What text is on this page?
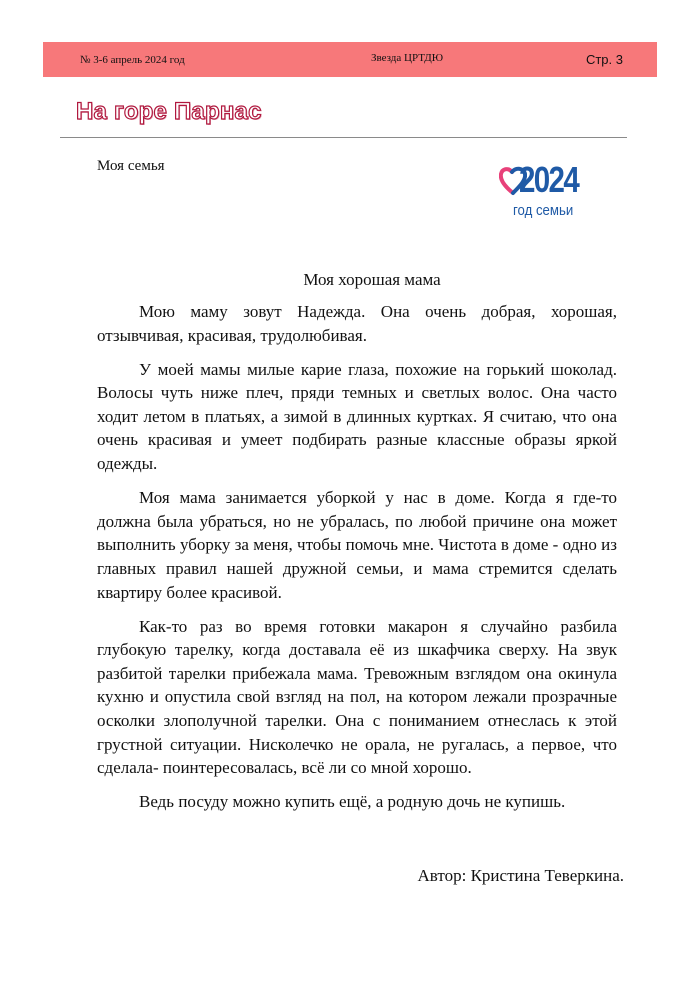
№ 3-6 апрель 2024 год	Звезда ЦРТДЮ	Стр. 3
На горе Парнас
Моя семья	2024
год семьи
Моя хорошая мама

Мою маму зовут Надежда. Она очень добрая, хорошая, отзывчивая, красивая, трудолюбивая.

У моей мамы милые карие глаза, похожие на горький шоколад. Волосы чуть ниже плеч, пряди темных и светлых волос. Она часто ходит летом в платьях, а зимой в длинных куртках. Я считаю, что она очень красивая и умеет подбирать разные классные образы яркой одежды.

Моя мама занимается уборкой у нас в доме. Когда я где-то должна была убраться, но не убралась, по любой причине она может выполнить уборку за меня, чтобы помочь мне. Чистота в доме - одно из главных правил нашей дружной семьи, и мама стремится сделать квартиру более красивой.

Как-то раз во время готовки макарон я случайно разбила глубокую тарелку, когда доставала её из шкафчика сверху. На звук разбитой тарелки прибежала мама. Тревожным взглядом она окинула кухню и опустила свой взгляд на пол, на котором лежали прозрачные осколки злополучной тарелки. Она с пониманием отнеслась к этой грустной ситуации. Нисколечко не орала, не ругалась, а первое, что сделала- поинтересовалась, всё ли со мной хорошо.

Ведь посуду можно купить ещё, а родную дочь не купишь.

Автор: Кристина Теверкина.
